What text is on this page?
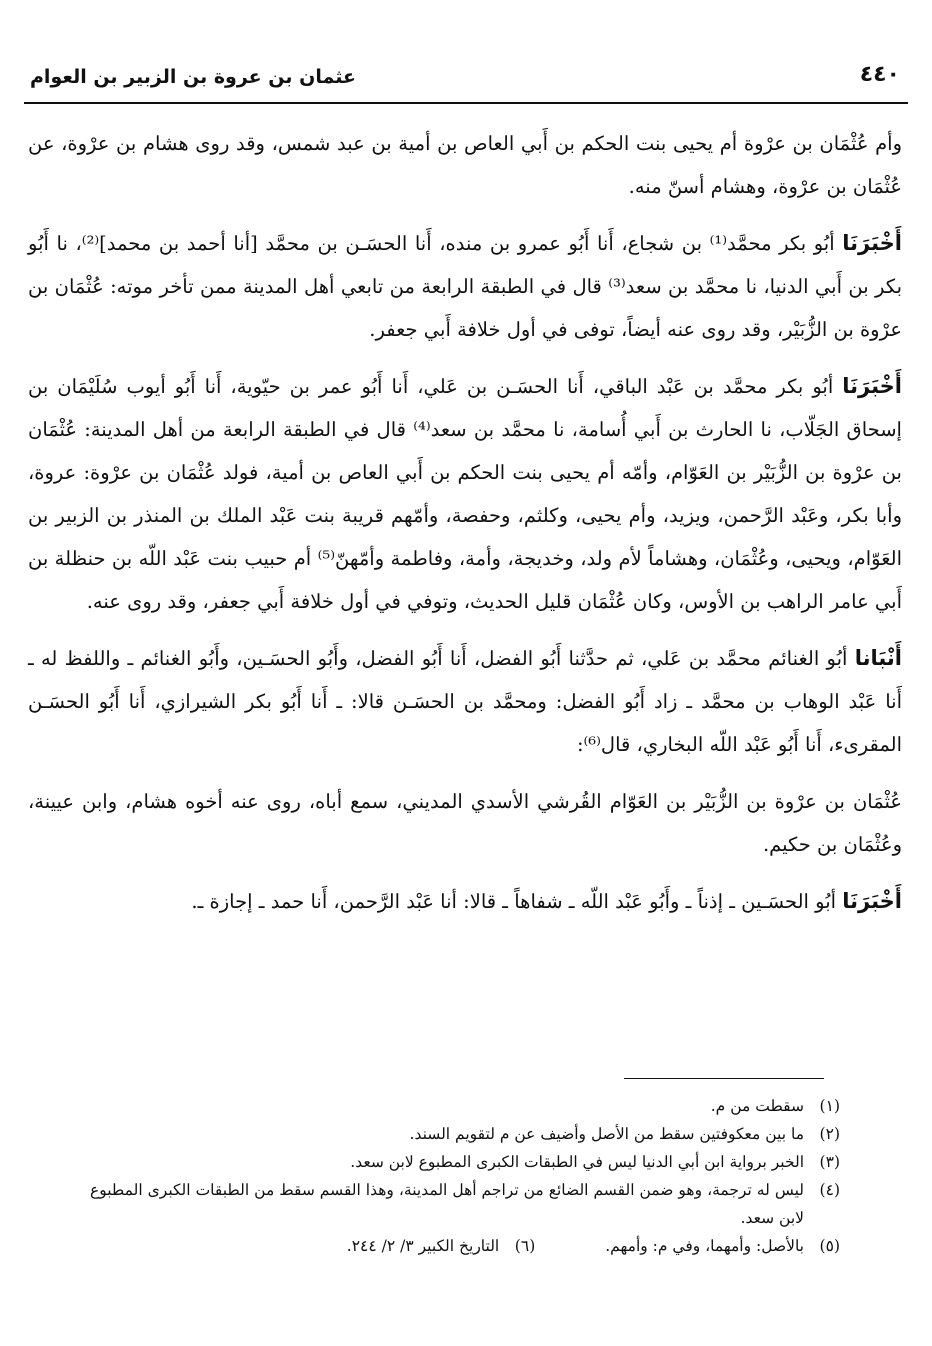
٤٤٠
عثمان بن عروة بن الزبير بن العوام

وأم عُثْمَان بن عرْوة أم يحيى بنت الحكم بن أَبي العاص بن أمية بن عبد شمس، وقد روى هشام بن عرْوة، عن عُثْمَان بن عرْوة، وهشام أسنّ منه.

أَخْبَرَنَا أبُو بكر محمَّد⁽¹⁾ بن شجاع، أَنا أَبُو عمرو بن منده، أَنا الحسَـن بن محمَّد [أنا أحمد بن محمد]⁽²⁾، نا أَبُو بكر بن أَبي الدنيا، نا محمَّد بن سعد⁽³⁾ قال في الطبقة الرابعة من تابعي أهل المدينة ممن تأخر موته: عُثْمَان بن عرْوة بن الزُّبَيْر، وقد روى عنه أيضاً، توفى في أول خلافة أَبي جعفر.

أَخْبَرَنَا أبُو بكر محمَّد بن عَبْد الباقي، أَنا الحسَـن بن عَلي، أَنا أَبُو عمر بن حيّوية، أَنا أَبُو أيوب سُلَيْمَان بن إسحاق الجَلّاب، نا الحارث بن أَبي أُسامة، نا محمَّد بن سعد⁽⁴⁾ قال في الطبقة الرابعة من أهل المدينة: عُثْمَان بن عرْوة بن الزُّبَيْر بن العَوّام، وأمّه أم يحيى بنت الحكم بن أَبي العاص بن أمية، فولد عُثْمَان بن عرْوة: عروة، وأبا بكر، وعَبْد الرَّحمن، ويزيد، وأم يحيى، وكلثم، وحفصة، وأمّهم قريبة بنت عَبْد الملك بن المنذر بن الزبير بن العَوّام، ويحيى، وعُثْمَان، وهشاماً لأم ولد، وخديجة، وأمة، وفاطمة وأمّهنّ⁽⁵⁾ أم حبيب بنت عَبْد اللّه بن حنظلة بن أَبي عامر الراهب بن الأوس، وكان عُثْمَان قليل الحديث، وتوفي في أول خلافة أَبي جعفر، وقد روى عنه.

أَنْبَانا أبُو الغنائم محمَّد بن عَلي، ثم حدَّثنا أَبُو الفضل، أَنا أَبُو الفضل، وأَبُو الحسَـين، وأَبُو الغنائم ـ واللفظ له ـ أَنا عَبْد الوهاب بن محمَّد ـ زاد أَبُو الفضل: ومحمَّد بن الحسَـن قالا: ـ أَنا أَبُو بكر الشيرازي، أَنا أَبُو الحسَـن المقرىء، أَنا أَبُو عَبْد اللّه البخاري، قال⁽⁶⁾:

عُثْمَان بن عرْوة بن الزُّبَيْر بن العَوّام القُرشي الأسدي المديني، سمع أباه، روى عنه أخوه هشام، وابن عيينة، وعُثْمَان بن حكيم.

أَخْبَرَنَا أبُو الحسَـين ـ إذناً ـ وأَبُو عَبْد اللّه ـ شفاهاً ـ قالا: أنا عَبْد الرَّحمن، أَنا حمد ـ إجازة ـ.

(١)
سقطت من م.
(٢)
ما بين معكوفتين سقط من الأصل وأضيف عن م لتقويم السند.
(٣)
الخبر برواية ابن أبي الدنيا ليس في الطبقات الكبرى المطبوع لابن سعد.
(٤)
ليس له ترجمة، وهو ضمن القسم الضائع من تراجم أهل المدينة، وهذا القسم سقط من الطبقات الكبرى المطبوع لابن سعد.
(٥)
بالأصل: وأمهما، وفي م: وأمهم.
(٦)
التاريخ الكبير ٣/ ٢/ ٢٤٤.
